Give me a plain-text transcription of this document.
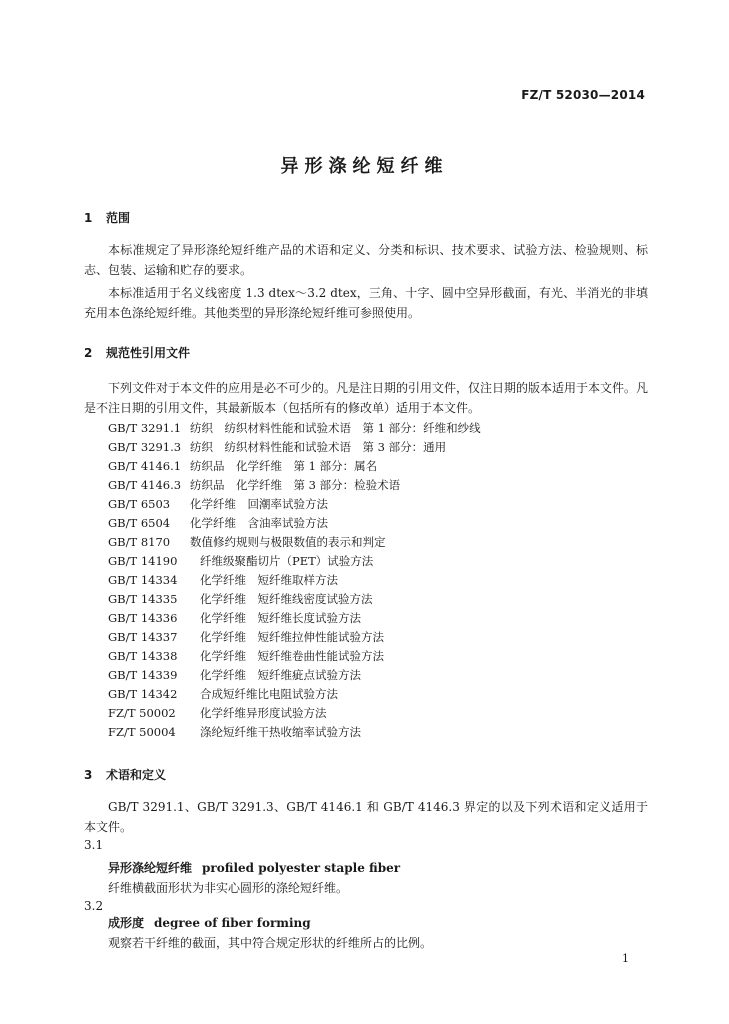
FZ/T 52030—2014
异形涤纶短纤维
1 范围
本标准规定了异形涤纶短纤维产品的术语和定义、分类和标识、技术要求、试验方法、检验规则、标志、包装、运输和贮存的要求。
本标准适用于名义线密度 1.3 dtex～3.2 dtex，三角、十字、圆中空异形截面，有光、半消光的非填充用本色涤纶短纤维。其他类型的异形涤纶短纤维可参照使用。
2 规范性引用文件
下列文件对于本文件的应用是必不可少的。凡是注日期的引用文件，仅注日期的版本适用于本文件。凡是不注日期的引用文件，其最新版本（包括所有的修改单）适用于本文件。
GB/T 3291.1 纺织　纺织材料性能和试验术语　第 1 部分：纤维和纱线
GB/T 3291.3 纺织　纺织材料性能和试验术语　第 3 部分：通用
GB/T 4146.1 纺织品　化学纤维　第 1 部分：属名
GB/T 4146.3 纺织品　化学纤维　第 3 部分：检验术语
GB/T 6503 化学纤维　回潮率试验方法
GB/T 6504 化学纤维　含油率试验方法
GB/T 8170 数值修约规则与极限数值的表示和判定
GB/T 14190 纤维级聚酯切片（PET）试验方法
GB/T 14334 化学纤维　短纤维取样方法
GB/T 14335 化学纤维　短纤维线密度试验方法
GB/T 14336 化学纤维　短纤维长度试验方法
GB/T 14337 化学纤维　短纤维拉伸性能试验方法
GB/T 14338 化学纤维　短纤维卷曲性能试验方法
GB/T 14339 化学纤维　短纤维疵点试验方法
GB/T 14342 合成短纤维比电阻试验方法
FZ/T 50002 化学纤维异形度试验方法
FZ/T 50004 涤纶短纤维干热收缩率试验方法
3 术语和定义
GB/T 3291.1、GB/T 3291.3、GB/T 4146.1 和 GB/T 4146.3 界定的以及下列术语和定义适用于本文件。
3.1
异形涤纶短纤维 profiled polyester staple fiber
纤维横截面形状为非实心圆形的涤纶短纤维。
3.2
成形度 degree of fiber forming
观察若干纤维的截面，其中符合规定形状的纤维所占的比例。
1
